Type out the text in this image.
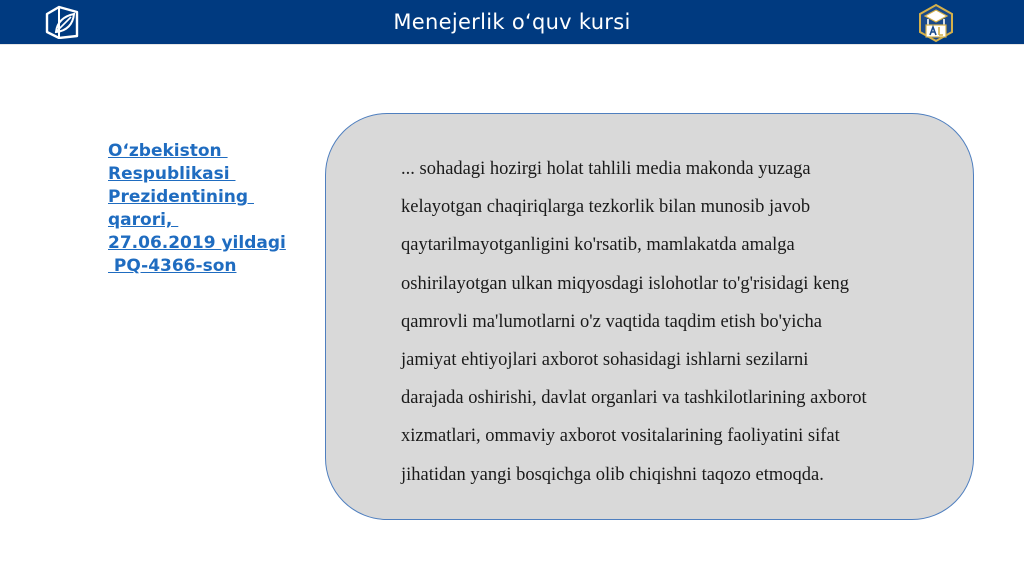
Menejerlik o‘quv kursi
O‘zbekiston
Respublikasi
Prezidentining
qarori,
27.06.2019 yildagi
PQ-4366-son
... sohadagi hozirgi holat tahlili media makonda yuzaga
kelayotgan chaqiriqlarga tezkorlik bilan munosib javob
qaytarilmayotganligini ko'rsatib, mamlakatda amalga
oshirilayotgan ulkan miqyosdagi islohotlar to'g'risidagi keng
qamrovli ma'lumotlarni o'z vaqtida taqdim etish bo'yicha
jamiyat ehtiyojlari axborot sohasidagi ishlarni sezilarni
darajada oshirishi, davlat organlari va tashkilotlarining axborot
xizmatlari, ommaviy axborot vositalarining faoliyatini sifat
jihatidan yangi bosqichga olib chiqishni taqozo etmoqda.
